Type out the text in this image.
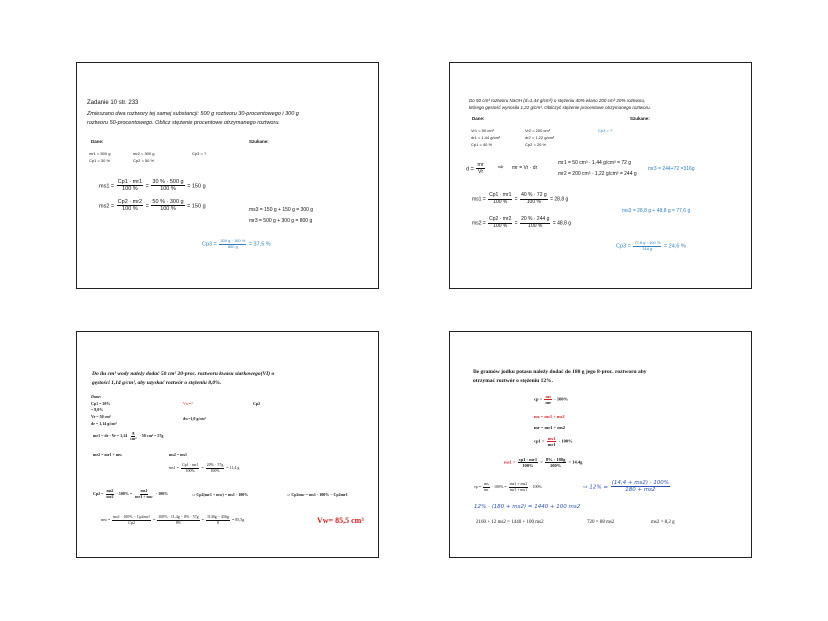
Zadanie 10 str. 233
Zmieszano dwa roztwory tej samej substancji: 500 g roztworu 30-procentowego i 300 g
roztworu 50-procentowego. Oblicz stężenie procentowe otrzymanego roztworu.
Dane:	Szukane:
mr1 = 500 g
Cp1 = 30 %
mr2 = 300 g
Cp2 = 50 %
Cp3 = ?
$ms1 = \frac{Cp1 \cdot mr1}{100 \%} = \frac{30 \% \cdot 500 g}{100 \%} = 150$ g
$ms2 = \frac{Cp2 \cdot mr2}{100 \%} = \frac{50 \% \cdot 300 g}{100 \%} = 150$ g
ms3 = 150 g + 150 g = 300 g
mr3 = 500 g + 300 g = 800 g
$Cp3 = \frac{300 g \cdot 100 \%}{800 g} = 37,5$ %
Do 50 cm³ roztworu NaOH (d=1,44 g/cm³) o stężeniu 40% wlano 200 cm³ 20% roztworu,
którego gęstość wynosiła 1,22 g/cm³. Obliczyć stężenie procentowe otrzymanego roztworu.
Dane:	Szukane:
Vr1 = 50 cm³
dr1 = 1,44 g/cm³
Cp1 = 40 %
Vr2 = 200 cm³
dr2 = 1,22 g/cm³
Cp2 = 20 %
Cp3 = ?
$d = \frac{mr}{Vr}$ ⇨ mr = Vr · dr
mr1 = 50 cm³ · 1,44 g/cm³ = 72 g
mr2 = 200 cm³ · 1,22 g/cm³ = 244 g
mr3 = 244+72 =316g
$ms1 = \frac{Cp1 \cdot mr1}{100 \%} = \frac{40 \% \cdot 72 g}{100 \%} = 28,8$ g
$ms2 = \frac{Cp2 \cdot mr2}{100 \%} = \frac{20 \% \cdot 244 g}{100 \%} = 48,8$ g
ms3 = 28,8 g + 48,8 g = 77,6 g
$Cp3 = \frac{77,6 g \cdot 100 \%}{316 g} = 24,6$ %
Do ilu cm³ wody należy dodać 50 cm³ 20-proc. roztworu kwasu siarkowego(VI) o
gęstości 1,14 g/cm³, aby uzyskać roztwór o stężeniu 8,0%.
Dane:
Cp1 = 20%
= 8,0%
Vr = 50 cm³
dr = 1,14 g/cm³
Vw=?
dw=1,0 g/cm³
Cp2
mr1 = dr · $Vr = 1,14 \frac{g}{\text{cm³}} \cdot 50$ cm³ = 57g
mr2 = mr1 + mw	ms2 = ms1
$ms1 = \frac{Cp1 \cdot mr1}{100\%} = \frac{20\% \cdot 57g}{100\%} = 11,4$ g
$Cp2 = \frac{ms2}{mr2} \cdot 100\% = \frac{ms1}{mr1 + mw} \cdot 100\%$	⇨ Cp2(mr1 + mw) = ms1 · 100%	⇨ Cp2mw = ms1 · 100% − Cp2mr1
mw = $\frac{ms1 \cdot 100\% - Cp2mr1}{Cp2} = \frac{100\% \cdot 11,4g - 8\% \cdot 57g}{8\%} = \frac{1140g - 456g}{8} = 85,5g$	Vw= 85,5 cm³
Ile gramów jodku potasu należy dodać do 180 g jego 8-proc. roztworu aby
otrzymać roztwór o stężeniu 12%.
cp = $\frac{ms}{mr} \cdot 100\%$
ms = ms1 + ms2
mr = mr1 + ms2
$cp1 = \frac{ms1}{mr1} \cdot 100\%$
$ms1 = \frac{cp1 \cdot mr1}{100\%} = \frac{8\% \cdot 180g}{100\%} = 14.4g$
cp = $\frac{ms}{mr} \cdot 100\% = \frac{ms1 + ms2}{mr1 + ms1} \cdot 100\%$	⇨ $12\% = \frac{(14,4 + ms2) \cdot 100\%}{180 + ms2}$
12% · (180 + ms2) = 1440 + 100 ms2
2160 + 12 ms2 = 1440 + 100 ms2	720 = 88 ms2	ms2 = 8,2 g
